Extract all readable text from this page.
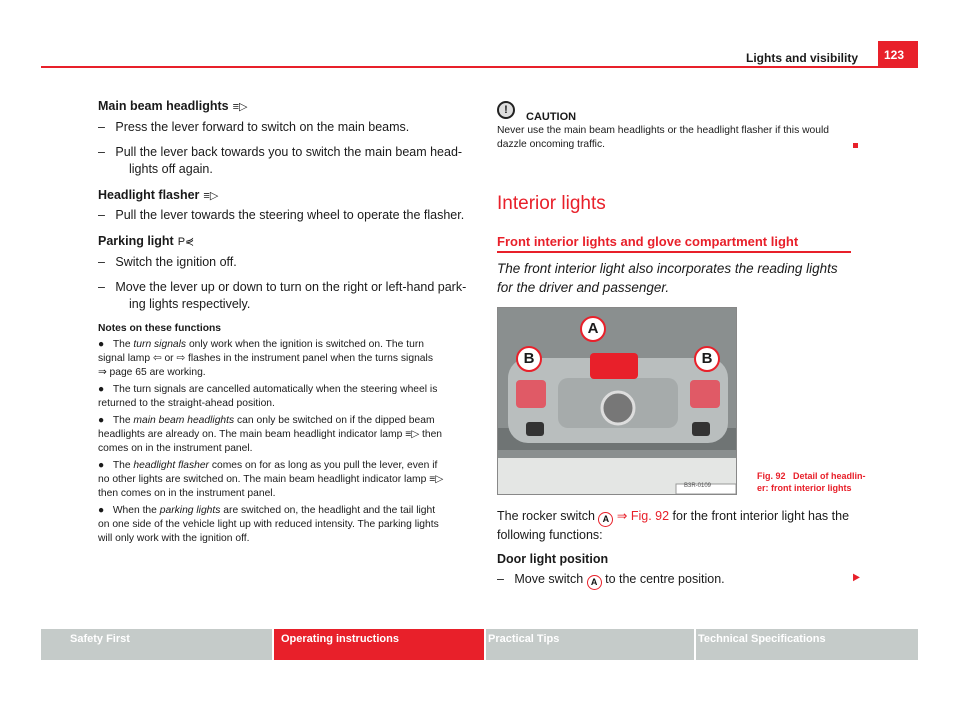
Lights and visibility	123
Main beam headlights ≡▷
–   Press the lever forward to switch on the main beams.
–   Pull the lever back towards you to switch the main beam head-
lights off again.
Headlight flasher ≡▷
–   Pull the lever towards the steering wheel to operate the flasher.
Parking light P⋞
–   Switch the ignition off.
–   Move the lever up or down to turn on the right or left-hand park-
ing lights respectively.
Notes on these functions
●   The turn signals only work when the ignition is switched on. The turn
signal lamp ⇦ or ⇨ flashes in the instrument panel when the turns signals
⇒ page 65 are working.
●   The turn signals are cancelled automatically when the steering wheel is
returned to the straight-ahead position.
●   The main beam headlights can only be switched on if the dipped beam
headlights are already on. The main beam headlight indicator lamp ≡▷ then
comes on in the instrument panel.
●   The headlight flasher comes on for as long as you pull the lever, even if
no other lights are switched on. The main beam headlight indicator lamp ≡▷
then comes on in the instrument panel.
●   When the parking lights are switched on, the headlight and the tail light
on one side of the vehicle light up with reduced intensity. The parking lights
will only work with the ignition off.
!
CAUTION
Never use the main beam headlights or the headlight flasher if this would
dazzle oncoming traffic.
Interior lights
Front interior lights and glove compartment light
The front interior light also incorporates the reading lights
for the driver and passenger.
A
B	B
B3R-0109
Fig. 92 Detail of headlin-
er: front interior lights
The rocker switch A ⇒ Fig. 92 for the front interior light has the
following functions:
Door light position
–   Move switch A to the centre position.	▶
Safety First	Operating instructions	Practical Tips	Technical Specifications
